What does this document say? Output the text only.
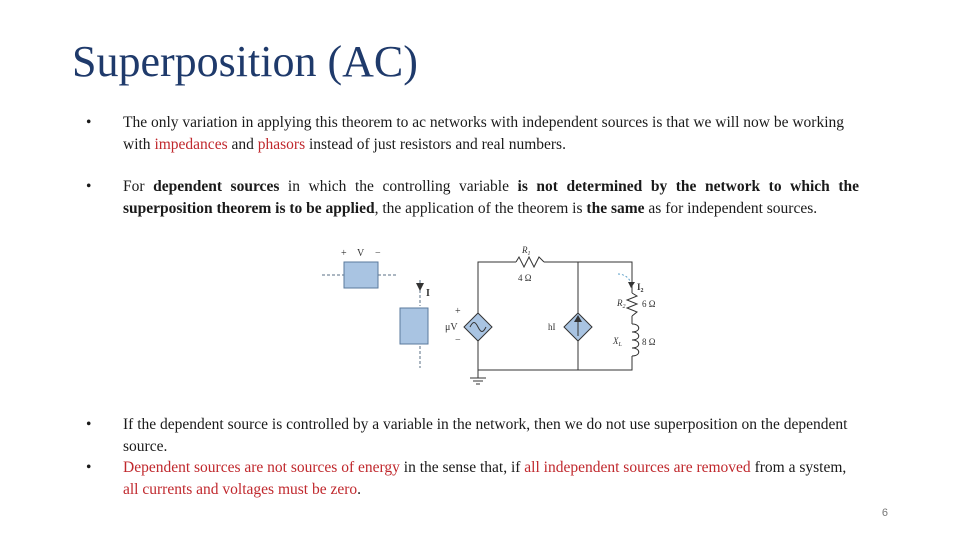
Superposition (AC)
• The only variation in applying this theorem to ac networks with independent sources is that we will now be working with impedances and phasors instead of just resistors and real numbers.
• For dependent sources in which the controlling variable is not determined by the network to which the superposition theorem is to be applied, the application of the theorem is the same as for independent sources.
+ V −
I
$R_1$
4 Ω
+
μV
−
hI
$I_2$
$R_2$ 6 Ω
$X_L$ 8 Ω
• If the dependent source is controlled by a variable in the network, then we do not use superposition on the dependent source.
• Dependent sources are not sources of energy in the sense that, if all independent sources are removed from a system, all currents and voltages must be zero.
6
